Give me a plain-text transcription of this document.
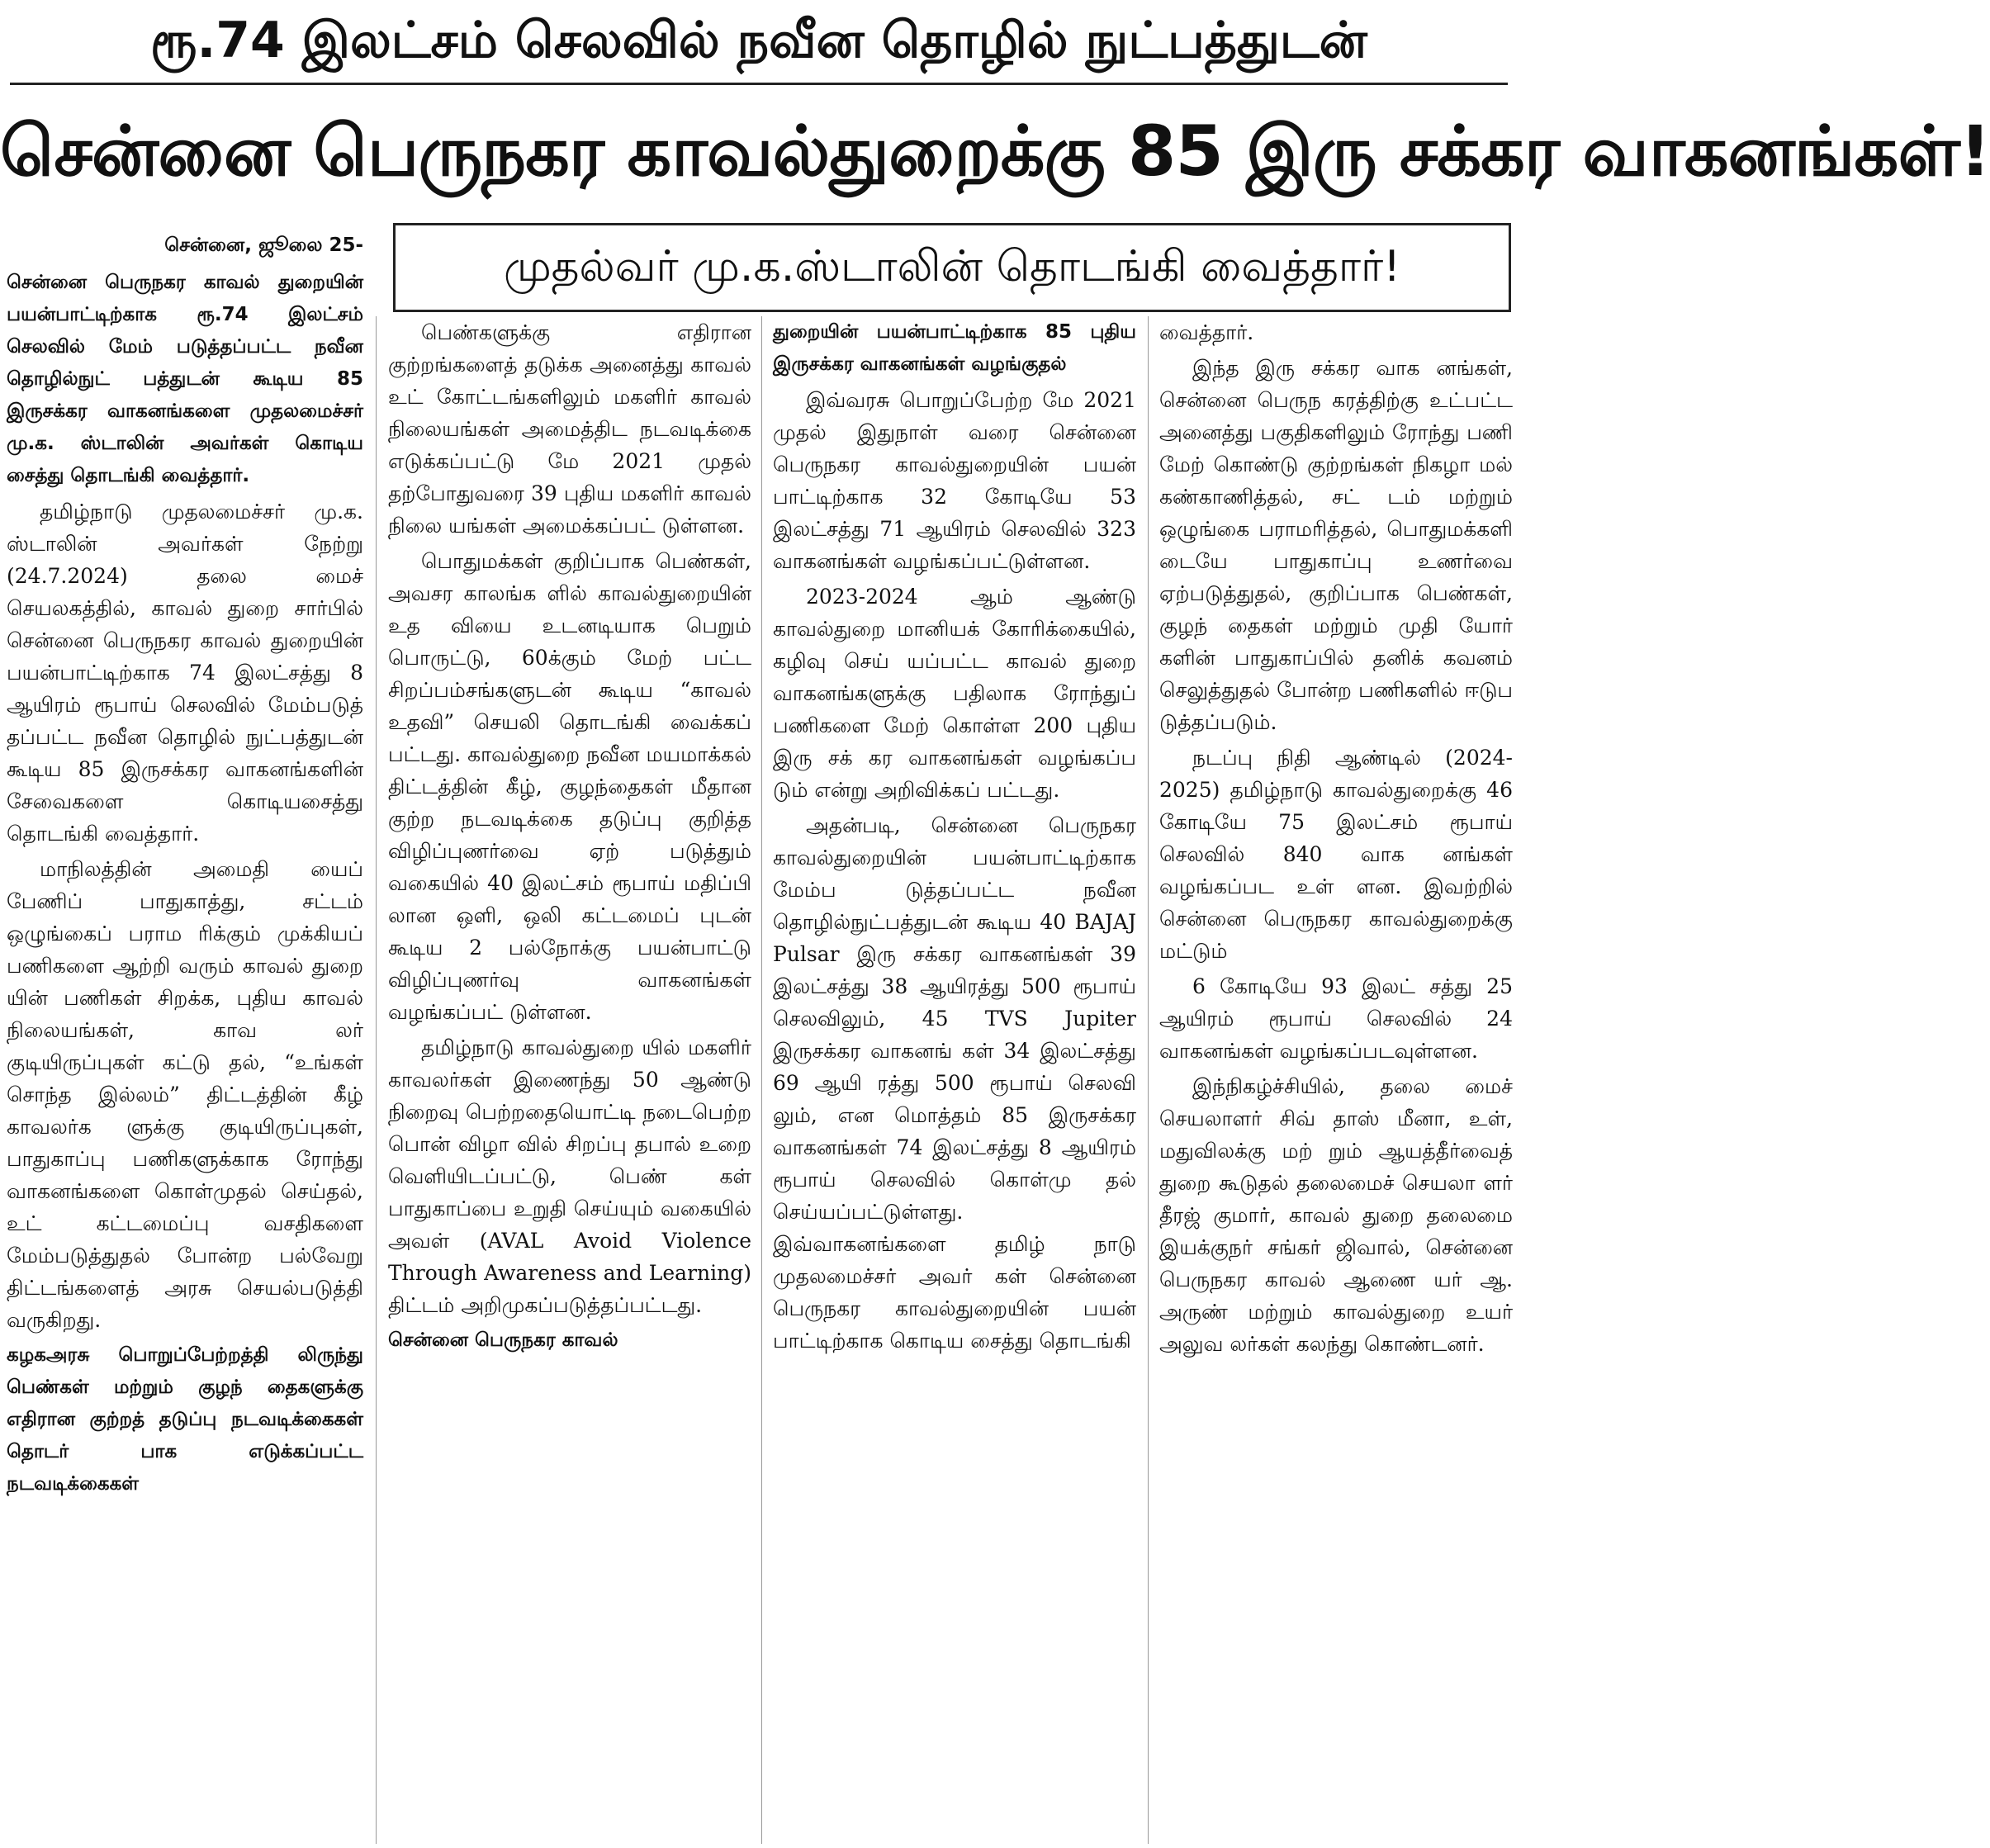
ரூ.74 இலட்சம் செலவில் நவீன தொழில் நுட்பத்துடன்
சென்னை பெருநகர காவல்துறைக்கு 85 இரு சக்கர வாகனங்கள்!
முதல்வர் மு.க.ஸ்டாலின் தொடங்கி வைத்தார்!

சென்னை, ஜூலை 25-

சென்னை பெருநகர காவல் துறையின் பயன்பாட்டிற்காக ரூ.74 இலட்சம் செலவில் மேம் படுத்தப்பட்ட நவீன தொழில்நுட் பத்துடன் கூடிய 85 இருசக்கர வாகனங்களை முதலமைச்சர் மு.க. ஸ்டாலின் அவர்கள் கொடிய சைத்து தொடங்கி வைத்தார்.

தமிழ்நாடு முதலமைச்சர் மு.க. ஸ்டாலின் அவர்கள் நேற்று (24.7.2024) தலை மைச் செயலகத்தில், காவல் துறை சார்பில் சென்னை பெருநகர காவல் துறையின் பயன்பாட்டிற்காக 74 இலட்சத்து 8 ஆயிரம் ரூபாய் செலவில் மேம்படுத் தப்பட்ட நவீன தொழில் நுட்பத்துடன் கூடிய 85 இருசக்கர வாகனங்களின் சேவைகளை கொடியசைத்து தொடங்கி வைத்தார்.

மாநிலத்தின் அமைதி யைப் பேணிப் பாதுகாத்து, சட்டம் ஒழுங்கைப் பராம ரிக்கும் முக்கியப் பணிகளை ஆற்றி வரும் காவல் துறை யின் பணிகள் சிறக்க, புதிய காவல் நிலையங்கள், காவ லர் குடியிருப்புகள் கட்டு தல், “உங்கள் சொந்த இல்லம்” திட்டத்தின் கீழ் காவலர்க ளுக்கு குடியிருப்புகள், பாதுகாப்பு பணிகளுக்காக ரோந்து வாகனங்களை கொள்முதல் செய்தல், உட் கட்டமைப்பு வசதிகளை மேம்படுத்துதல் போன்ற பல்வேறு திட்டங்களைத் அரசு செயல்படுத்தி வருகிறது.

கழகஅரசு பொறுப்பேற்றத்தி லிருந்து பெண்கள் மற்றும் குழந் தைகளுக்கு எதிரான குற்றத் தடுப்பு நடவடிக்கைகள் தொடர் பாக எடுக்கப்பட்ட நடவடிக்கைகள்

பெண்களுக்கு எதிரான குற்றங்களைத் தடுக்க அனைத்து காவல் உட் கோட்டங்களிலும் மகளிர் காவல் நிலையங்கள் அமைத்திட நடவடிக்கை எடுக்கப்பட்டு மே 2021 முதல் தற்போதுவரை 39 புதிய மகளிர் காவல் நிலை யங்கள் அமைக்கப்பட் டுள்ளன.

பொதுமக்கள் குறிப்பாக பெண்கள், அவசர காலங்க ளில் காவல்துறையின் உத வியை உடனடியாக பெறும் பொருட்டு, 60க்கும் மேற் பட்ட சிறப்பம்சங்களுடன் கூடிய “காவல் உதவி” செயலி தொடங்கி வைக்கப் பட்டது. காவல்துறை நவீன மயமாக்கல் திட்டத்தின் கீழ், குழந்தைகள் மீதான குற்ற நடவடிக்கை தடுப்பு குறித்த விழிப்புணர்வை ஏற் படுத்தும் வகையில் 40 இலட்சம் ரூபாய் மதிப்பி லான ஒளி, ஒலி கட்டமைப் புடன் கூடிய 2 பல்நோக்கு பயன்பாட்டு விழிப்புணர்வு வாகனங்கள் வழங்கப்பட் டுள்ளன.

தமிழ்நாடு காவல்துறை யில் மகளிர் காவலர்கள் இணைந்து 50 ஆண்டு நிறைவு பெற்றதையொட்டி நடைபெற்ற பொன் விழா வில் சிறப்பு தபால் உறை வெளியிடப்பட்டு, பெண் கள் பாதுகாப்பை உறுதி செய்யும் வகையில் அவள் (AVAL Avoid Violence Through Awareness and Learning) திட்டம் அறிமுகப்படுத்தப்பட்டது.

சென்னை பெருநகர காவல்

துறையின் பயன்பாட்டிற்காக 85 புதிய இருசக்கர வாகனங்கள் வழங்குதல்

இவ்வரசு பொறுப்பேற்ற மே 2021 முதல் இதுநாள் வரை சென்னை பெருநகர காவல்துறையின் பயன் பாட்டிற்காக 32 கோடியே 53 இலட்சத்து 71 ஆயிரம் செலவில் 323 வாகனங்கள் வழங்கப்பட்டுள்ளன.

2023-2024 ஆம் ஆண்டு காவல்துறை மானியக் கோரிக்கையில், கழிவு செய் யப்பட்ட காவல் துறை வாகனங்களுக்கு பதிலாக ரோந்துப் பணிகளை மேற் கொள்ள 200 புதிய இரு சக் கர வாகனங்கள் வழங்கப்ப டும் என்று அறிவிக்கப் பட்டது.

அதன்படி, சென்னை பெருநகர காவல்துறையின் பயன்பாட்டிற்காக மேம்ப டுத்தப்பட்ட நவீன தொழில்நுட்பத்துடன் கூடிய 40 BAJAJ Pulsar இரு சக்கர வாகனங்கள் 39 இலட்சத்து 38 ஆயிரத்து 500 ரூபாய் செலவிலும், 45 TVS Jupiter இருசக்கர வாகனங் கள் 34 இலட்சத்து 69 ஆயி ரத்து 500 ரூபாய் செலவி லும், என மொத்தம் 85 இருசக்கர வாகனங்கள் 74 இலட்சத்து 8 ஆயிரம் ரூபாய் செலவில் கொள்மு தல் செய்யப்பட்டுள்ளது. இவ்வாகனங்களை தமிழ் நாடு முதலமைச்சர் அவர் கள் சென்னை பெருநகர காவல்துறையின் பயன் பாட்டிற்காக கொடிய சைத்து தொடங்கி

வைத்தார்.

இந்த இரு சக்கர வாக னங்கள், சென்னை பெருந கரத்திற்கு உட்பட்ட அனைத்து பகுதிகளிலும் ரோந்து பணி மேற் கொண்டு குற்றங்கள் நிகழா மல் கண்காணித்தல், சட் டம் மற்றும் ஒழுங்கை பராமரித்தல், பொதுமக்களி டையே பாதுகாப்பு உணர்வை ஏற்படுத்துதல், குறிப்பாக பெண்கள், குழந் தைகள் மற்றும் முதி யோர் களின் பாதுகாப்பில் தனிக் கவனம் செலுத்துதல் போன்ற பணிகளில் ஈடுப டுத்தப்படும்.

நடப்பு நிதி ஆண்டில் (2024-2025) தமிழ்நாடு காவல்துறைக்கு 46 கோடியே 75 இலட்சம் ரூபாய் செலவில் 840 வாக னங்கள் வழங்கப்பட உள் ளன. இவற்றில் சென்னை பெருநகர காவல்துறைக்கு மட்டும்

6 கோடியே 93 இலட் சத்து 25 ஆயிரம் ரூபாய் செலவில் 24 வாகனங்கள் வழங்கப்படவுள்ளன.

இந்நிகழ்ச்சியில், தலை மைச் செயலாளர் சிவ் தாஸ் மீனா, உள், மதுவிலக்கு மற் றும் ஆயத்தீர்வைத் துறை கூடுதல் தலைமைச் செயலா ளர் தீரஜ் குமார், காவல் துறை தலைமை இயக்குநர் சங்கர் ஜிவால், சென்னை பெருநகர காவல் ஆணை யர் ஆ. அருண் மற்றும் காவல்துறை உயர் அலுவ லர்கள் கலந்து கொண்டனர்.
